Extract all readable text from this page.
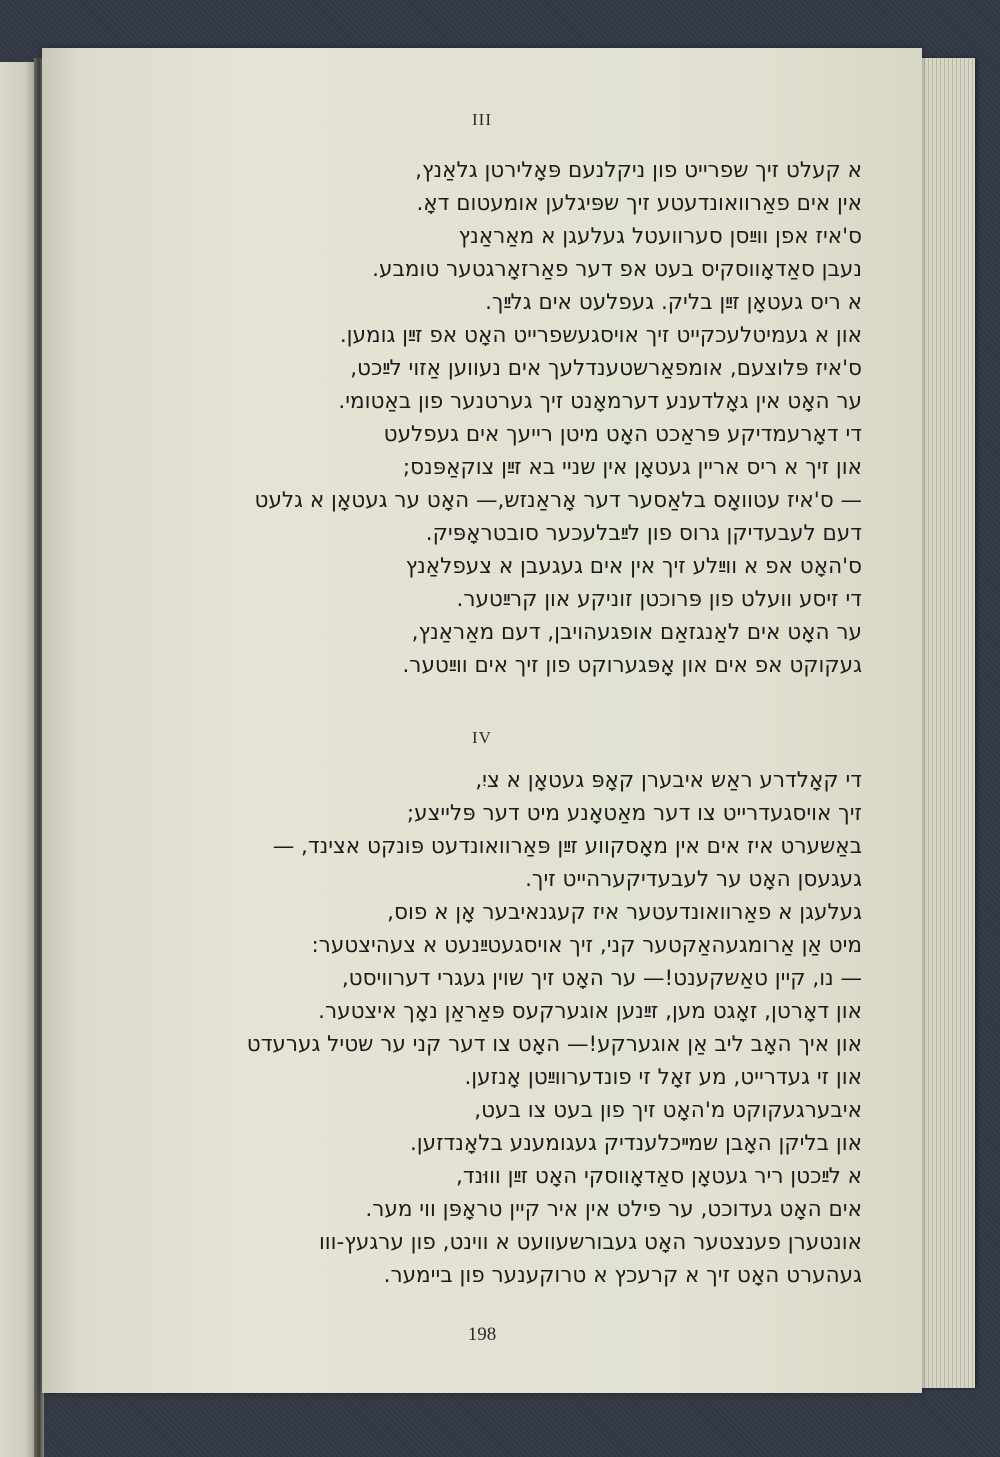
III
א קעלט זיך שפרייט פון ניקלנעם פּאָלירטן גלאַנץ,
אין אים פאַרוואונדעטע זיך שפּיגלען אומעטום דאָ.
ס'איז אפן ווײַסן סערוועטל געלעגן א מאַראַנץ
נעבן סאַדאָווסקיס בעט אפ דער פאַרזאָרגטער טומבע.
א ריס געטאָן זײַן בליק. געפלעט אים גלײַך.
און א געמיטלעכקייט זיך אויסגעשפרייט האָט אפ זײַן גומען.
ס'איז פּלוצעם, אומפאַרשטענדלעך אים נעווען אַזוי לײַכט,
ער האָט אין גאָלדענע דערמאָנט זיך גערטנער פון באַטומי.
די דאָרעמדיקע פּראַכט האָט מיטן רייעך אים געפלעט
און זיך א ריס אריין געטאָן אין שניי בא זײַן צוקאַפּנס;
— ס'איז עטוואָס בלאַסער דער אָראַנזש,— האָט ער געטאָן א גלעט
דעם לעבעדיקן גרוס פון לײַבלעכער סובטראָפּיק.
ס'האָט אפ א ווײַלע זיך אין אים געגעבן א צעפלאַנץ
די זיסע וועלט פון פּרוכטן זוניקע און קרײַטער.
ער האָט אים לאַנגזאַם אופגעהויבן, דעם מאַראַנץ,
געקוקט אפ אים און אָפּגערוקט פון זיך אים ווײַטער.
IV
די קאָלדרע ראַש איבערן קאָפּ געטאָן א ציִ,
זיך אויסגעדרייט צו דער מאַטאָנע מיט דער פּלייצע;
באַשערט איז אים אין מאָסקווע זײַן פּאַרוואונדעט פּונקט אצינד, —
געגעסן האָט ער לעבעדיקערהייט זיך.
געלעגן א פאַרוואונדעטער איז קעגנאיבער אָן א פוס,
מיט אַן אַרומגעהאַקטער קני, זיך אויסגעטײַנעט א צעהיצטער:
— נו, קיין טאַשקענט!— ער האָט זיך שוין געגרי דערוויסט,
און דאָרטן, זאָגט מען, זײַנען אוגערקעס פּאַראַן נאָך איצטער.
און איך האָב ליב אַן אוגערקע!— האָט צו דער קני ער שטיל גערעדט
און זי געדרייט, מע זאָל זי פונדערווײַטן אָנזען.
איבערגעקוקט מ'האָט זיך פון בעט צו בעט,
און בליקן האָבן שמײכלענדיק געגומענע בלאָנדזען.
א לײַכטן ריר געטאָן סאַדאָווסקי האָט זײַן וווּנד,
אים האָט געדוכט, ער פילט אין איר קיין טראָפּן ווי מער.
אונטערן פענצטער האָט געבורשעוועט א ווינט, פון ערגעץ-ווו
געהערט האָט זיך א קרעכץ א טרוקענער פון ביימער.
198
